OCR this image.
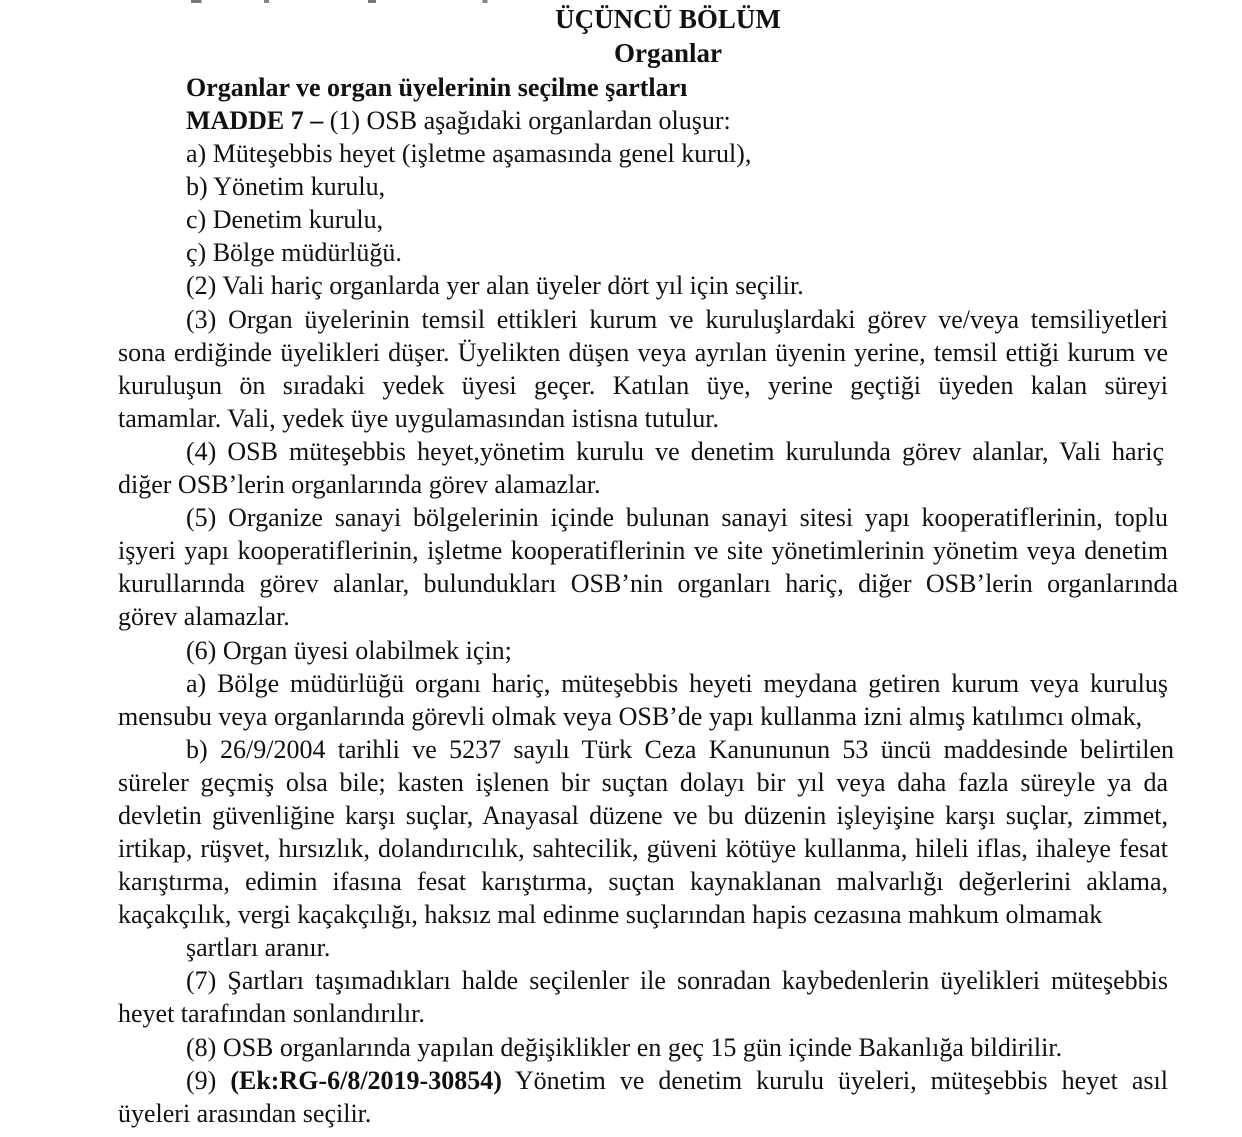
ÜÇÜNCÜ BÖLÜM
Organlar
Organlar ve organ üyelerinin seçilme şartları
MADDE 7 – (1) OSB aşağıdaki organlardan oluşur:
a) Müteşebbis heyet (işletme aşamasında genel kurul),
b) Yönetim kurulu,
c) Denetim kurulu,
ç) Bölge müdürlüğü.
(2) Vali hariç organlarda yer alan üyeler dört yıl için seçilir.
(3) Organ üyelerinin temsil ettikleri kurum ve kuruluşlardaki görev ve/veya temsiliyetleri
sona erdiğinde üyelikleri düşer. Üyelikten düşen veya ayrılan üyenin yerine, temsil ettiği kurum ve
kuruluşun ön sıradaki yedek üyesi geçer. Katılan üye, yerine geçtiği üyeden kalan süreyi
tamamlar. Vali, yedek üye uygulamasından istisna tutulur.
(4) OSB müteşebbis heyet,yönetim kurulu ve denetim kurulunda görev alanlar, Vali hariç
diğer OSB’lerin organlarında görev alamazlar.
(5) Organize sanayi bölgelerinin içinde bulunan sanayi sitesi yapı kooperatiflerinin, toplu
işyeri yapı kooperatiflerinin, işletme kooperatiflerinin ve site yönetimlerinin yönetim veya denetim
kurullarında görev alanlar, bulundukları OSB’nin organları hariç, diğer OSB’lerin organlarında
görev alamazlar.
(6) Organ üyesi olabilmek için;
a) Bölge müdürlüğü organı hariç, müteşebbis heyeti meydana getiren kurum veya kuruluş
mensubu veya organlarında görevli olmak veya OSB’de yapı kullanma izni almış katılımcı olmak,
b) 26/9/2004 tarihli ve 5237 sayılı Türk Ceza Kanununun 53 üncü maddesinde belirtilen
süreler geçmiş olsa bile; kasten işlenen bir suçtan dolayı bir yıl veya daha fazla süreyle ya da
devletin güvenliğine karşı suçlar, Anayasal düzene ve bu düzenin işleyişine karşı suçlar, zimmet,
irtikap, rüşvet, hırsızlık, dolandırıcılık, sahtecilik, güveni kötüye kullanma, hileli iflas, ihaleye fesat
karıştırma, edimin ifasına fesat karıştırma, suçtan kaynaklanan malvarlığı değerlerini aklama,
kaçakçılık, vergi kaçakçılığı, haksız mal edinme suçlarından hapis cezasına mahkum olmamak
şartları aranır.
(7) Şartları taşımadıkları halde seçilenler ile sonradan kaybedenlerin üyelikleri müteşebbis
heyet tarafından sonlandırılır.
(8) OSB organlarında yapılan değişiklikler en geç 15 gün içinde Bakanlığa bildirilir.
(9) (Ek:RG-6/8/2019-30854) Yönetim ve denetim kurulu üyeleri, müteşebbis heyet asıl
üyeleri arasından seçilir.
